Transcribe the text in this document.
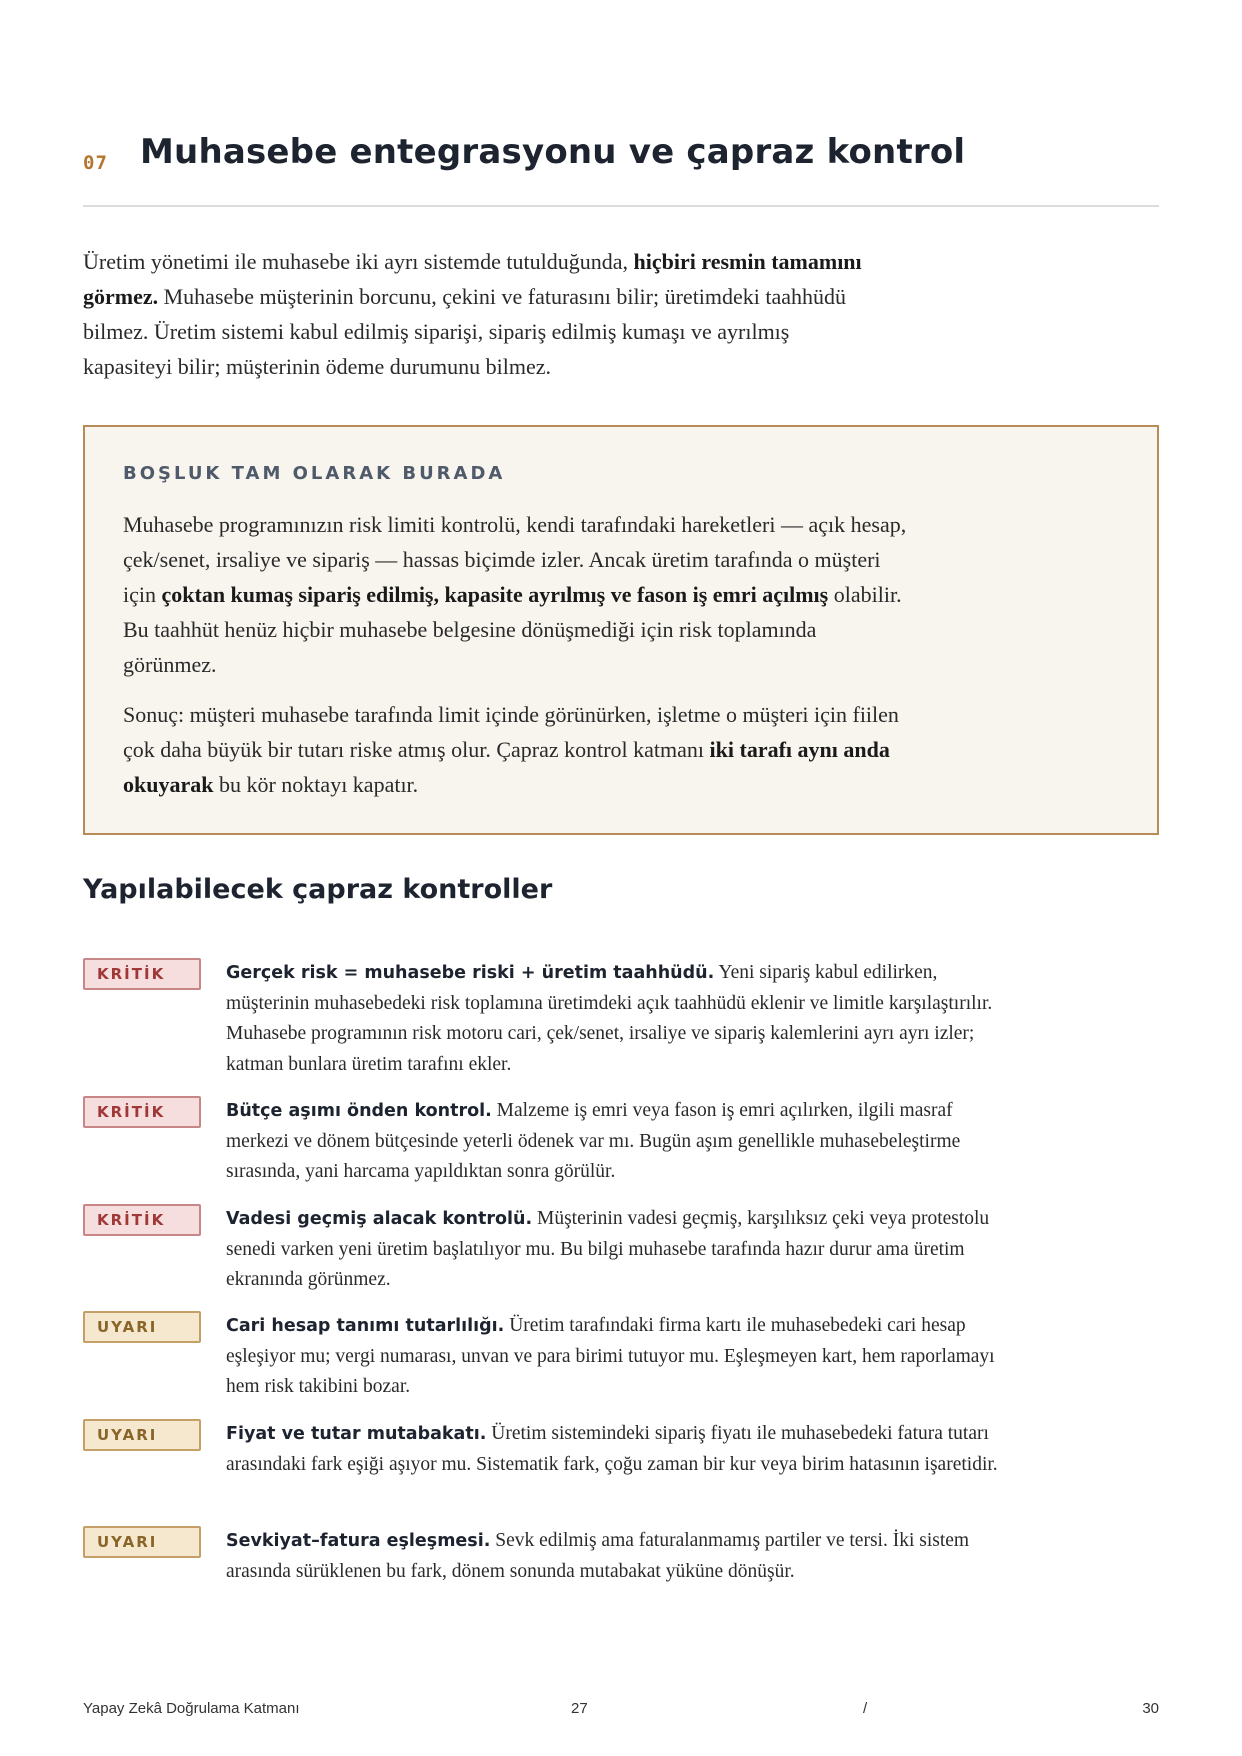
07 Muhasebe entegrasyonu ve çapraz kontrol
Üretim yönetimi ile muhasebe iki ayrı sistemde tutulduğunda, hiçbiri resmin tamamını görmez. Muhasebe müşterinin borcunu, çekini ve faturasını bilir; üretimdeki taahhüdü bilmez. Üretim sistemi kabul edilmiş siparişi, sipariş edilmiş kumaşı ve ayrılmış kapasiteyi bilir; müşterinin ödeme durumunu bilmez.
BOŞLUK TAM OLARAK BURADA

Muhasebe programınızın risk limiti kontrolü, kendi tarafındaki hareketleri — açık hesap, çek/senet, irsaliye ve sipariş — hassas biçimde izler. Ancak üretim tarafında o müşteri için çoktan kumaş sipariş edilmiş, kapasite ayrılmış ve fason iş emri açılmış olabilir. Bu taahhüt henüz hiçbir muhasebe belgesine dönüşmediği için risk toplamında görünmez.

Sonuç: müşteri muhasebe tarafında limit içinde görünürken, işletme o müşteri için fiilen çok daha büyük bir tutarı riske atmış olur. Çapraz kontrol katmanı iki tarafı aynı anda okuyarak bu kör noktayı kapatır.

Yapılabilecek çapraz kontroller
KRİTİK	Gerçek risk = muhasebe riski + üretim taahhüdü. Yeni sipariş kabul edilirken, müşterinin muhasebedeki risk toplamına üretimdeki açık taahhüdü eklenir ve limitle karşılaştırılır. Muhasebe programının risk motoru cari, çek/senet, irsaliye ve sipariş kalemlerini ayrı ayrı izler; katman bunlara üretim tarafını ekler.
KRİTİK	Bütçe aşımı önden kontrol. Malzeme iş emri veya fason iş emri açılırken, ilgili masraf merkezi ve dönem bütçesinde yeterli ödenek var mı. Bugün aşım genellikle muhasebeleştirme sırasında, yani harcama yapıldıktan sonra görülür.
KRİTİK	Vadesi geçmiş alacak kontrolü. Müşterinin vadesi geçmiş, karşılıksız çeki veya protestolu senedi varken yeni üretim başlatılıyor mu. Bu bilgi muhasebe tarafında hazır durur ama üretim ekranında görünmez.
UYARI	Cari hesap tanımı tutarlılığı. Üretim tarafındaki firma kartı ile muhasebedeki cari hesap eşleşiyor mu; vergi numarası, unvan ve para birimi tutuyor mu. Eşleşmeyen kart, hem raporlamayı hem risk takibini bozar.
UYARI	Fiyat ve tutar mutabakatı. Üretim sistemindeki sipariş fiyatı ile muhasebedeki fatura tutarı arasındaki fark eşiği aşıyor mu. Sistematik fark, çoğu zaman bir kur veya birim hatasının işaretidir.
UYARI	Sevkiyat–fatura eşleşmesi. Sevk edilmiş ama faturalanmamış partiler ve tersi. İki sistem arasında sürüklenen bu fark, dönem sonunda mutabakat yüküne dönüşür.
Yapay Zekâ Doğrulama Katmanı	27	/	30
